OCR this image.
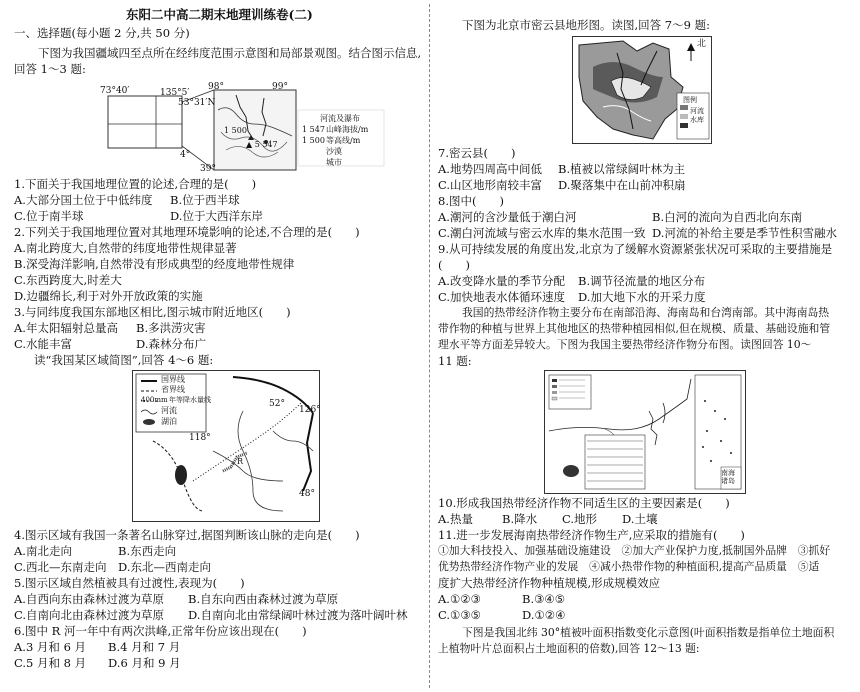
东阳二中高二期末地理训练卷(二)
一、选择题(每小题 2 分,共 50 分)
下图为我国疆域四至点所在经纬度范围示意图和局部景观图。结合图示信息,
回答 1～3 题:
73°40′	135°5′
53°31′N
98°	99°
4°
39°
1 500
▲ 5 547
河流及瀑布
1 547 山峰海拔/m
1 500 等高线/m
沙漠
城市
1.下面关于我国地理位置的论述,合理的是(　　)
A.大部分国土位于中低纬度 B.位于西半球
C.位于南半球	D.位于大西洋东岸
2.下列关于我国地理位置对其地理环境影响的论述,不合理的是(　　)
A.南北跨度大,自然带的纬度地带性规律显著
B.深受海洋影响,自然带没有形成典型的经度地带性规律
C.东西跨度大,时差大
D.边疆绵长,利于对外开放政策的实施
3.与同纬度我国东部地区相比,图示城市附近地区(　　)
A.年太阳辐射总量高 B.多洪涝灾害
C.水能丰富	D.森林分布广
读“我国某区域简图”,回答 4～6 题:
国界线
省界线
400mm 年等降水量线
河流
湖泊
52°
126°
118°
48°
R
4.图示区域有我国一条著名山脉穿过,据图判断该山脉的走向是(　　)
A.南北走向	B.东西走向
C.西北—东南走向 D.东北—西南走向
5.图示区域自然植被具有过渡性,表现为(　　)
A.自西向东由森林过渡为草原 B.自东向西由森林过渡为草原
C.自南向北由森林过渡为草原 D.自南向北由常绿阔叶林过渡为落叶阔叶林
6.图中 R 河一年中有两次洪峰,正常年份应该出现在(　　)
A.3 月和 6 月 B.4 月和 7 月
C.5 月和 8 月 D.6 月和 9 月
下图为北京市密云县地形图。读图,回答 7～9 题:
北
图例
河流
水库
7.密云县(　　)
A.地势四周高中间低 B.植被以常绿阔叶林为主
C.山区地形南较丰富 D.聚落集中在山前冲积扇
8.图中(　　)
A.潮河的含沙量低于潮白河	B.白河的流向为自西北向东南
C.潮白河流域与密云水库的集水范围一致 D.河流的补给主要是季节性积雪融水
9.从可持续发展的角度出发,北京为了缓解水资源紧张状况可采取的主要措施是
(　　)
A.改变降水量的季节分配 B.调节径流量的地区分布
C.加快地表水体循环速度 D.加大地下水的开采力度
我国的热带经济作物主要分布在南部沿海、海南岛和台湾南部。其中海南岛热
带作物的种植与世界上其他地区的热带种植园相似,但在规模、质量、基础设施和管
理水平等方面差异较大。下图为我国主要热带经济作物分布图。读图回答 10～
11 题:
南海诸岛
10.形成我国热带经济作物不同适生区的主要因素是(　　)
A.热量	B.降水 C.地形 D.土壤
11.进一步发展海南热带经济作物生产,应采取的措施有(　　)
①加大科技投入、加强基础设施建设　②加大产业保护力度,抵制国外品牌　③抓好
优势热带经济作物产业的发展　④减小热带作物的种植面积,提高产品质量　⑤适
度扩大热带经济作物种植规模,形成规模效应
A.①②③	B.③④⑤
C.①③⑤	D.①②④
下图是我国北纬 30°植被叶面积指数变化示意图(叶面积指数是指单位土地面积
上植物叶片总面积占土地面积的倍数),回答 12～13 题:
